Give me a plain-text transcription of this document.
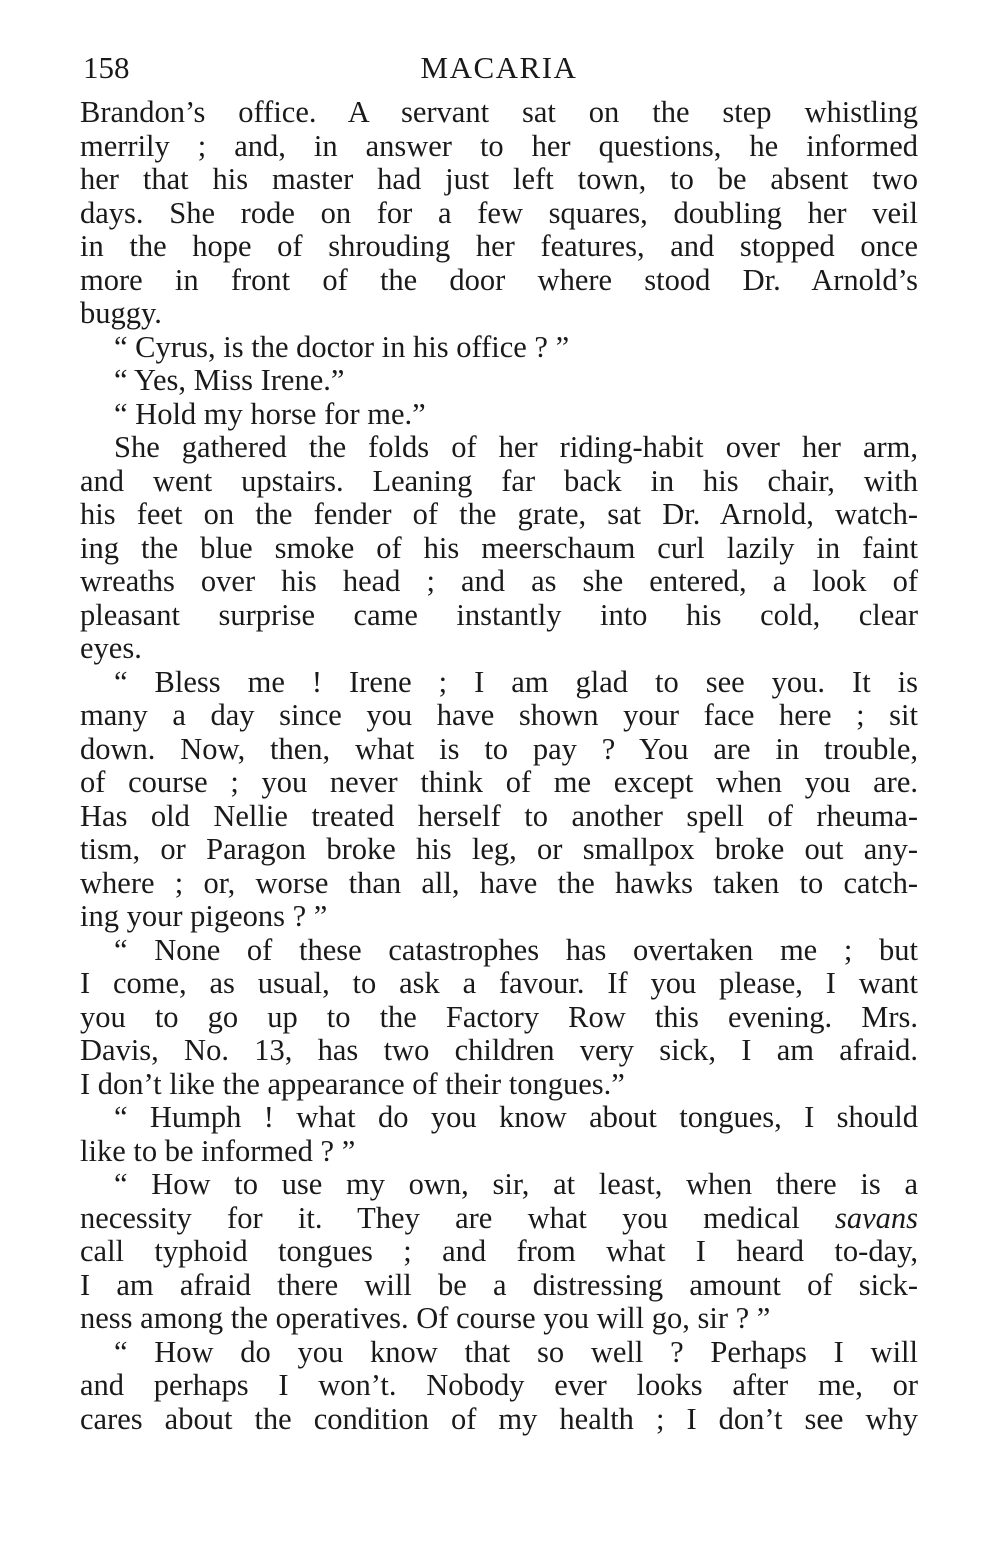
158	MACARIA
Brandon’s office. A servant sat on the step whistling
merrily ; and, in answer to her questions, he informed
her that his master had just left town, to be absent two
days. She rode on for a few squares, doubling her veil
in the hope of shrouding her features, and stopped once
more in front of the door where stood Dr. Arnold’s
buggy.
“ Cyrus, is the doctor in his office ? ”
“ Yes, Miss Irene.”
“ Hold my horse for me.”
She gathered the folds of her riding-habit over her arm,
and went upstairs. Leaning far back in his chair, with
his feet on the fender of the grate, sat Dr. Arnold, watch-
ing the blue smoke of his meerschaum curl lazily in faint
wreaths over his head ; and as she entered, a look of
pleasant surprise came instantly into his cold, clear
eyes.
“ Bless me ! Irene ; I am glad to see you. It is
many a day since you have shown your face here ; sit
down. Now, then, what is to pay ? You are in trouble,
of course ; you never think of me except when you are.
Has old Nellie treated herself to another spell of rheuma-
tism, or Paragon broke his leg, or smallpox broke out any-
where ; or, worse than all, have the hawks taken to catch-
ing your pigeons ? ”
“ None of these catastrophes has overtaken me ; but
I come, as usual, to ask a favour. If you please, I want
you to go up to the Factory Row this evening. Mrs.
Davis, No. 13, has two children very sick, I am afraid.
I don’t like the appearance of their tongues.”
“ Humph ! what do you know about tongues, I should
like to be informed ? ”
“ How to use my own, sir, at least, when there is a
necessity for it. They are what you medical savans
call typhoid tongues ; and from what I heard to-day,
I am afraid there will be a distressing amount of sick-
ness among the operatives. Of course you will go, sir ? ”
“ How do you know that so well ? Perhaps I will
and perhaps I won’t. Nobody ever looks after me, or
cares about the condition of my health ; I don’t see why
